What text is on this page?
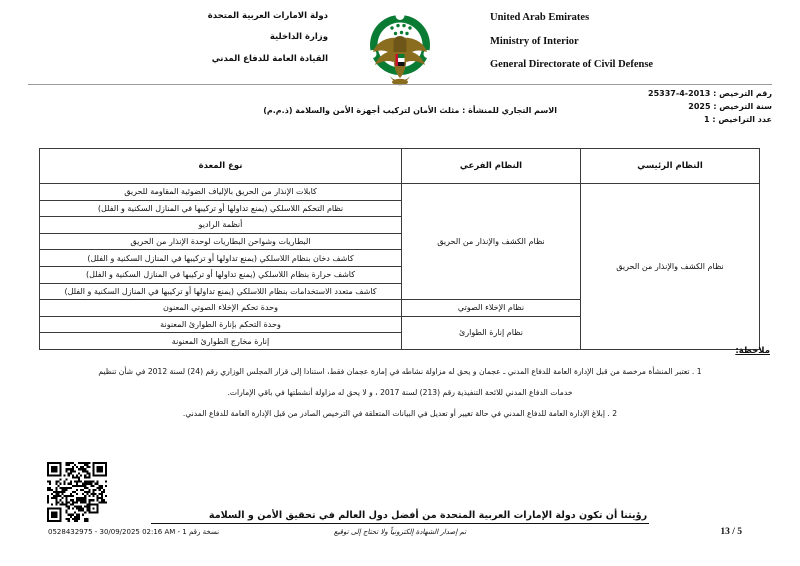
United Arab Emirates
Ministry of Interior
General Directorate of Civil Defense
دولة الامارات العربية المتحدة
وزارة الداخلية
القيادة العامة للدفاع المدني
رقم الترخيص : 2013-4-25337
سنة الترخيص : 2025
عدد التراخيص : 1
الاسم التجاري للمنشأة : مثلث الأمان لتركيب أجهزة الأمن والسلامة (ذ.م.م)
النظام الرئيسي	النظام الفرعي	نوع المعدة
نظام الكشف والإنذار من الحريق	نظام الكشف والإنذار من الحريق	كابلات الإنذار من الحريق بالإلياف الضوئية المقاومة للحريق
		نظام التحكم اللاسلكي (يمنع تداولها أو تركيبها في المنازل السكنية و الفلل)
		أنظمة الراديو
		البطاريات وشواحن البطاريات لوحدة الإنذار من الحريق
		كاشف دخان بنظام اللاسلكي (يمنع تداولها أو تركيبها في المنازل السكنية و الفلل)
		كاشف حرارة بنظام اللاسلكي (يمنع تداولها أو تركيبها في المنازل السكنية و الفلل)
		كاشف متعدد الاستخدامات بنظام اللاسلكي (يمنع تداولها أو تركيبها في المنازل السكنية و الفلل)
	نظام الإخلاء الصوتي	وحدة تحكم الإخلاء الصوتي المعنون
	نظام إنارة الطوارئ	وحدة التحكم بإنارة الطوارئ المعنونة
		إنارة مخارج الطوارئ المعنونة
ملاحظة:
1 . تعتبر المنشأة مرخصة من قبل الإدارة العامة للدفاع المدني ـ عجمان و يحق له مزاولة نشاطه في إمارة عجمان فقط، استنادا إلى قرار المجلس الوزاري رقم (24) لسنة 2012 في شأن تنظيم
خدمات الدفاع المدني للائحة التنفيذية رقم (213) لسنة 2017 ، و لا يحق له مزاولة أنشطتها في باقي الإمارات.
2 . إبلاغ الإدارة العامة للدفاع المدني في حالة تغيير أو تعديل في البيانات المتعلقة في الترخيص الصادر من قبل الإدارة العامة للدفاع المدني.
رؤيتنا أن تكون دولة الإمارات العربية المتحدة من أفضل دول العالم في تحقيق الأمن و السلامة
0528432975 - 30/09/2025 02:16 AM - 1 نسخة رقم	تم إصدار الشهادة إلكترونياً ولا تحتاج إلى توقيع	13 / 5
